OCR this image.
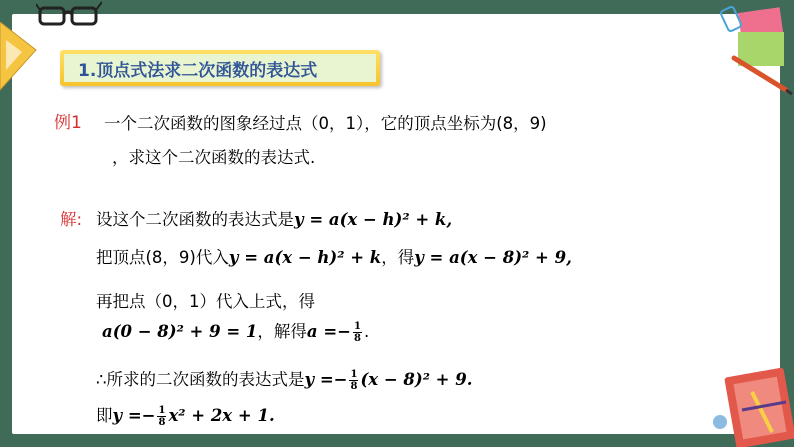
1.顶点式法求二次函数的表达式
例1 一个二次函数的图象经过点（0，1），它的顶点坐标为(8，9)
，求这个二次函数的表达式.
解: 设这个二次函数的表达式是y = a(x − h)² + k,
把顶点(8，9)代入y = a(x − h)² + k，得y = a(x − 8)² + 9,
再把点（0，1）代入上式，得
a(0 − 8)² + 9 = 1，解得$a =- \frac{1}{8}$ .
∴所求的二次函数的表达式是$y =- \frac{1}{8} (x - 8)^2 + 9$.
即$y =- \frac{1}{8} x^2 + 2x + 1$.
